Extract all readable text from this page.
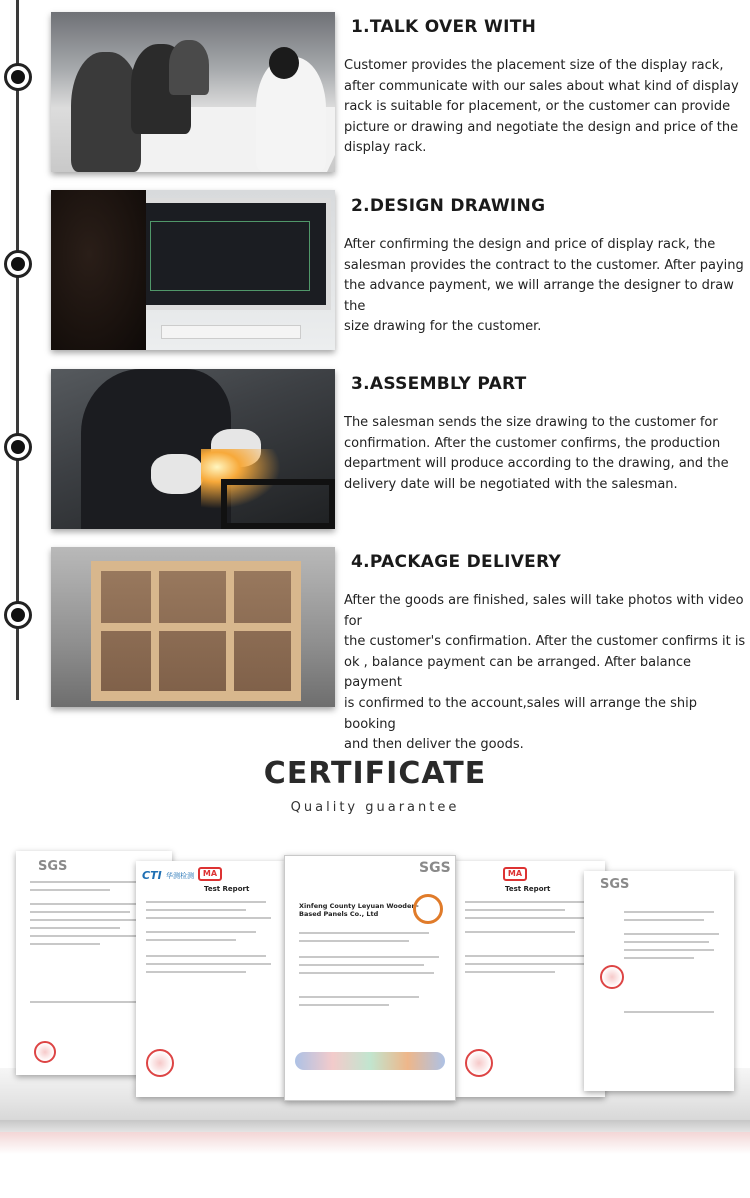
1.TALK OVER WITH
Customer provides the placement size of the display rack,
after communicate with our sales about what kind of display
rack is suitable for placement, or the customer can provide
picture or drawing and negotiate the design and price of the
display rack.
2.DESIGN DRAWING
After confirming the design and price of display rack, the
salesman provides the contract to the customer. After paying
the advance payment, we will arrange the designer to draw the
size drawing for the customer.
3.ASSEMBLY PART
The salesman sends the size drawing to the customer for
confirmation. After the customer confirms, the production
department will produce according to the drawing, and the
delivery date will be negotiated with the salesman.
4.PACKAGE DELIVERY
After the goods are finished, sales will take photos with video for
the customer's confirmation. After the customer confirms it is
ok , balance payment can be arranged. After balance payment
is confirmed to the account,sales will arrange the ship booking
and then deliver the goods.
CERTIFICATE
Quality guarantee
SGS
CTI 华测检测	MA
Test Report
MA
Test Report	SGS
SGS
Xinfeng County Leyuan Wooden-Based Panels Co., Ltd
